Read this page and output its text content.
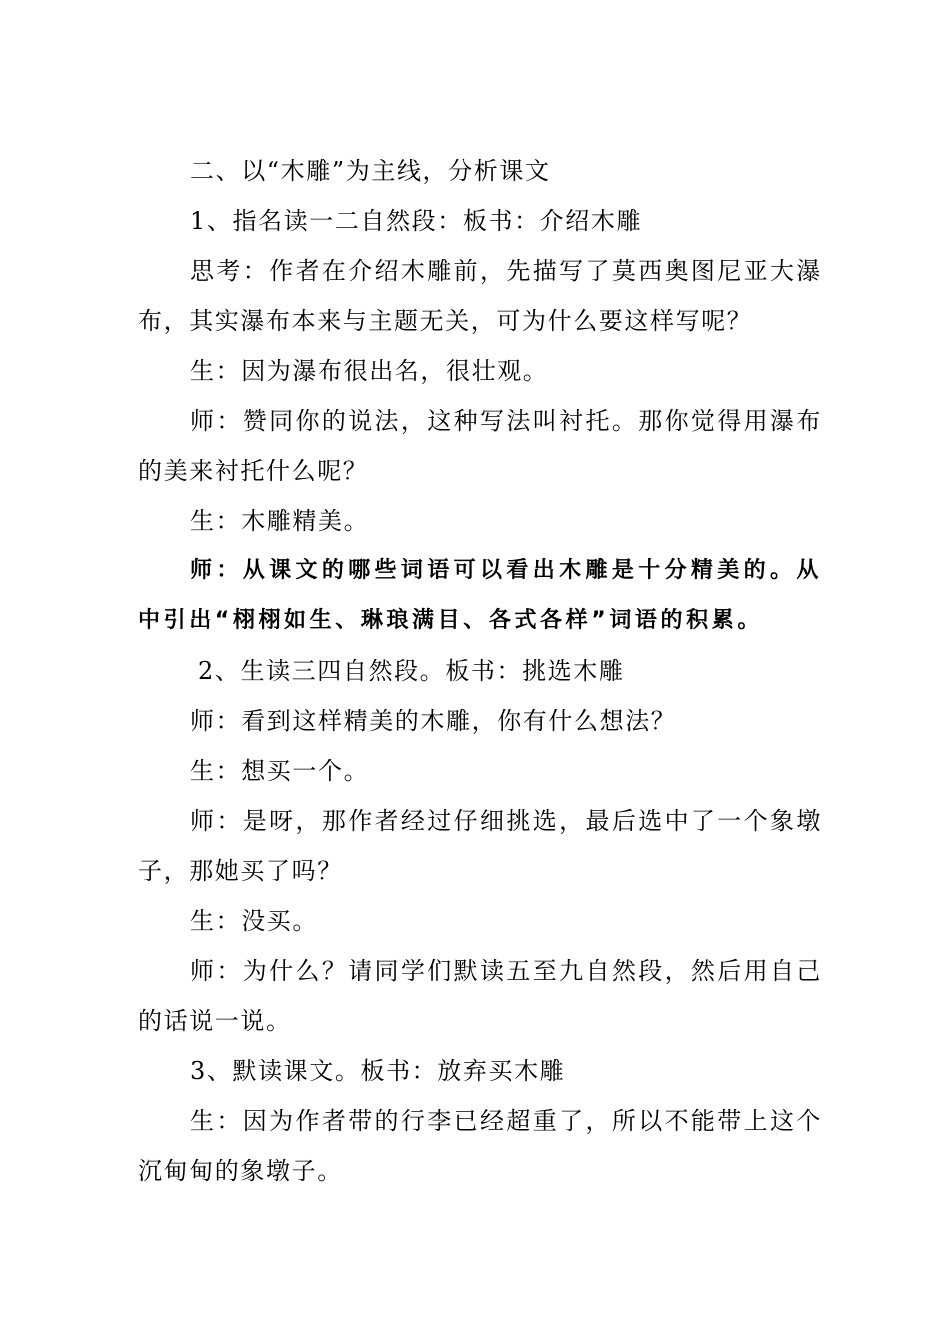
二、以“木雕”为主线，分析课文

1、指名读一二自然段：板书：介绍木雕

思考：作者在介绍木雕前，先描写了莫西奥图尼亚大瀑布，其实瀑布本来与主题无关，可为什么要这样写呢？

生：因为瀑布很出名，很壮观。

师：赞同你的说法，这种写法叫衬托。那你觉得用瀑布的美来衬托什么呢？

生：木雕精美。

师：从课文的哪些词语可以看出木雕是十分精美的。从中引出“栩栩如生、琳琅满目、各式各样”词语的积累。

2、生读三四自然段。板书：挑选木雕

师：看到这样精美的木雕，你有什么想法？

生：想买一个。

师：是呀，那作者经过仔细挑选，最后选中了一个象墩子，那她买了吗？

生：没买。

师：为什么？请同学们默读五至九自然段，然后用自己的话说一说。

3、默读课文。板书：放弃买木雕

生：因为作者带的行李已经超重了，所以不能带上这个沉甸甸的象墩子。
